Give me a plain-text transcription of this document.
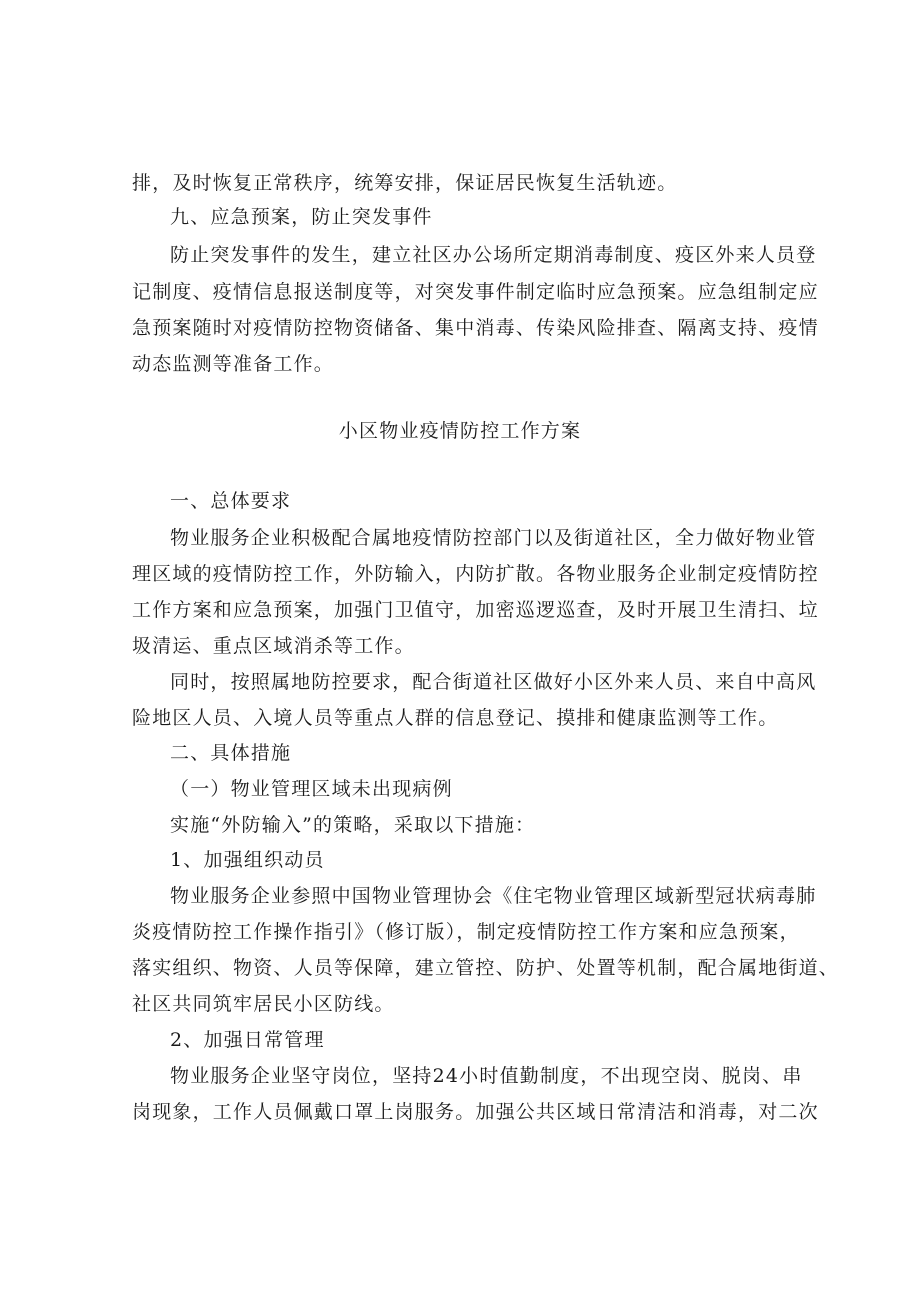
排，及时恢复正常秩序，统筹安排，保证居民恢复生活轨迹。
九、应急预案，防止突发事件
防止突发事件的发生，建立社区办公场所定期消毒制度、疫区外来人员登
记制度、疫情信息报送制度等，对突发事件制定临时应急预案。应急组制定应
急预案随时对疫情防控物资储备、集中消毒、传染风险排查、隔离支持、疫情
动态监测等准备工作。
小区物业疫情防控工作方案
一、总体要求
物业服务企业积极配合属地疫情防控部门以及街道社区，全力做好物业管
理区域的疫情防控工作，外防输入，内防扩散。各物业服务企业制定疫情防控
工作方案和应急预案，加强门卫值守，加密巡逻巡查，及时开展卫生清扫、垃
圾清运、重点区域消杀等工作。
同时，按照属地防控要求，配合街道社区做好小区外来人员、来自中高风
险地区人员、入境人员等重点人群的信息登记、摸排和健康监测等工作。
二、具体措施
（一）物业管理区域未出现病例
实施“外防输入”的策略，采取以下措施：
1、加强组织动员
物业服务企业参照中国物业管理协会《住宅物业管理区域新型冠状病毒肺
炎疫情防控工作操作指引》（修订版），制定疫情防控工作方案和应急预案，
落实组织、物资、人员等保障，建立管控、防护、处置等机制，配合属地街道、
社区共同筑牢居民小区防线。
2、加强日常管理
物业服务企业坚守岗位，坚持24小时值勤制度，不出现空岗、脱岗、串
岗现象，工作人员佩戴口罩上岗服务。加强公共区域日常清洁和消毒，对二次
